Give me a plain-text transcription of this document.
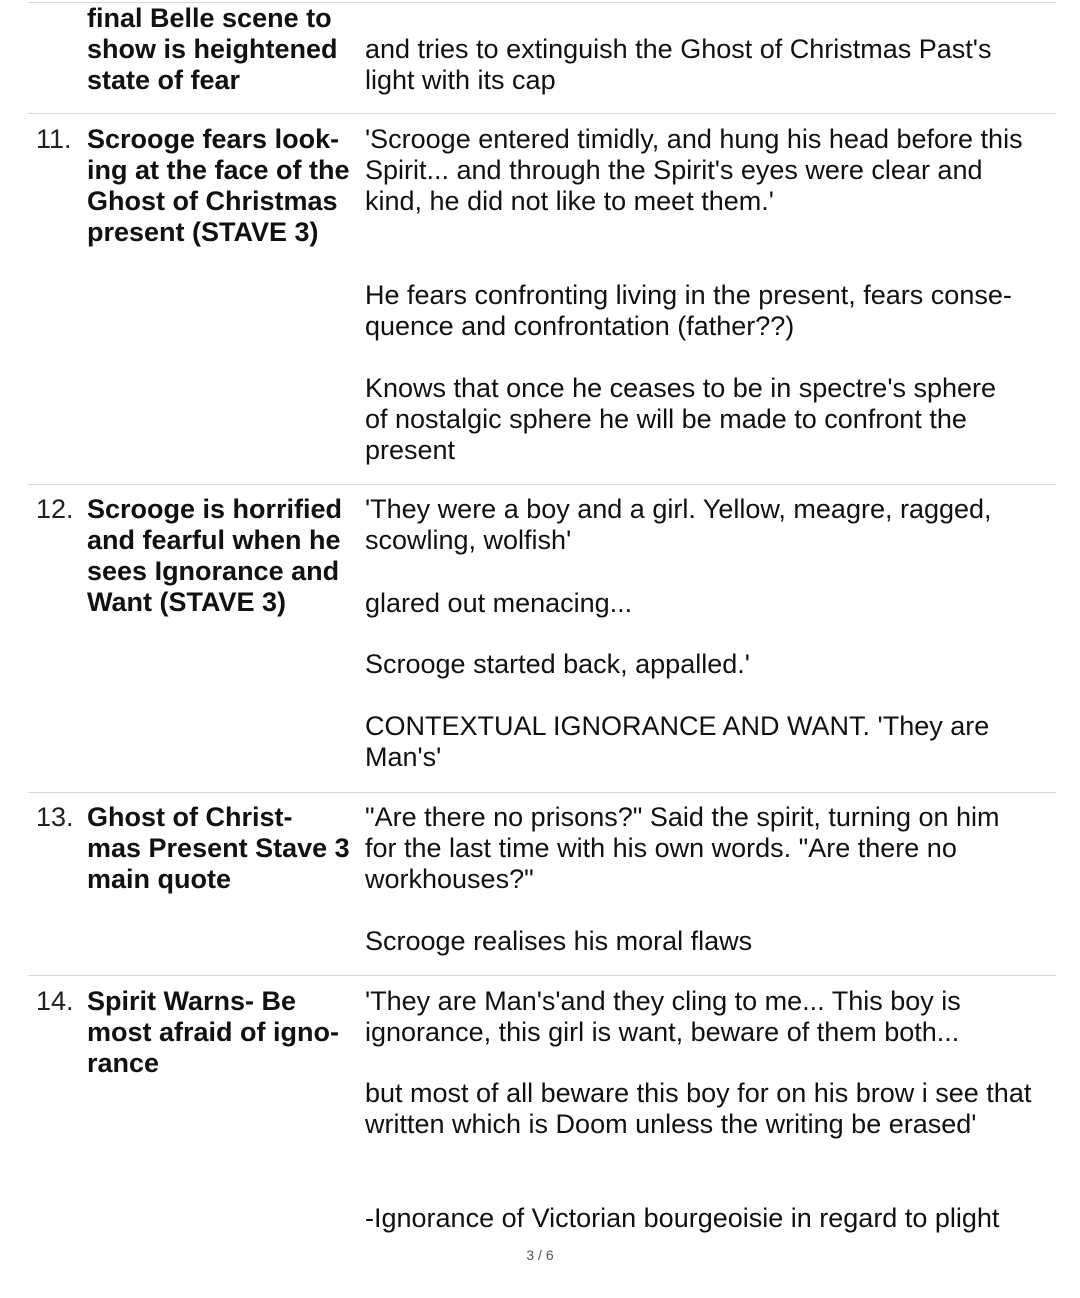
final Belle scene to
show is heightened
state of fear
and tries to extinguish the Ghost of Christmas Past's
light with its cap
11. Scrooge fears look-
ing at the face of the
Ghost of Christmas
present (STAVE 3)
'Scrooge entered timidly, and hung his head before this
Spirit... and through the Spirit's eyes were clear and
kind, he did not like to meet them.'
He fears confronting living in the present, fears conse-
quence and confrontation (father??)
Knows that once he ceases to be in spectre's sphere
of nostalgic sphere he will be made to confront the
present
12. Scrooge is horrified
and fearful when he
sees Ignorance and
Want (STAVE 3)
'They were a boy and a girl. Yellow, meagre, ragged,
scowling, wolfish'
glared out menacing...
Scrooge started back, appalled.'
CONTEXTUAL IGNORANCE AND WANT. 'They are
Man's'
13. Ghost of Christ-
mas Present Stave 3
main quote
"Are there no prisons?" Said the spirit, turning on him
for the last time with his own words. "Are there no
workhouses?"
Scrooge realises his moral flaws
14. Spirit Warns- Be
most afraid of igno-
rance
'They are Man's'and they cling to me... This boy is
ignorance, this girl is want, beware of them both...
but most of all beware this boy for on his brow i see that
written which is Doom unless the writing be erased'
-Ignorance of Victorian bourgeoisie in regard to plight
3 / 6
